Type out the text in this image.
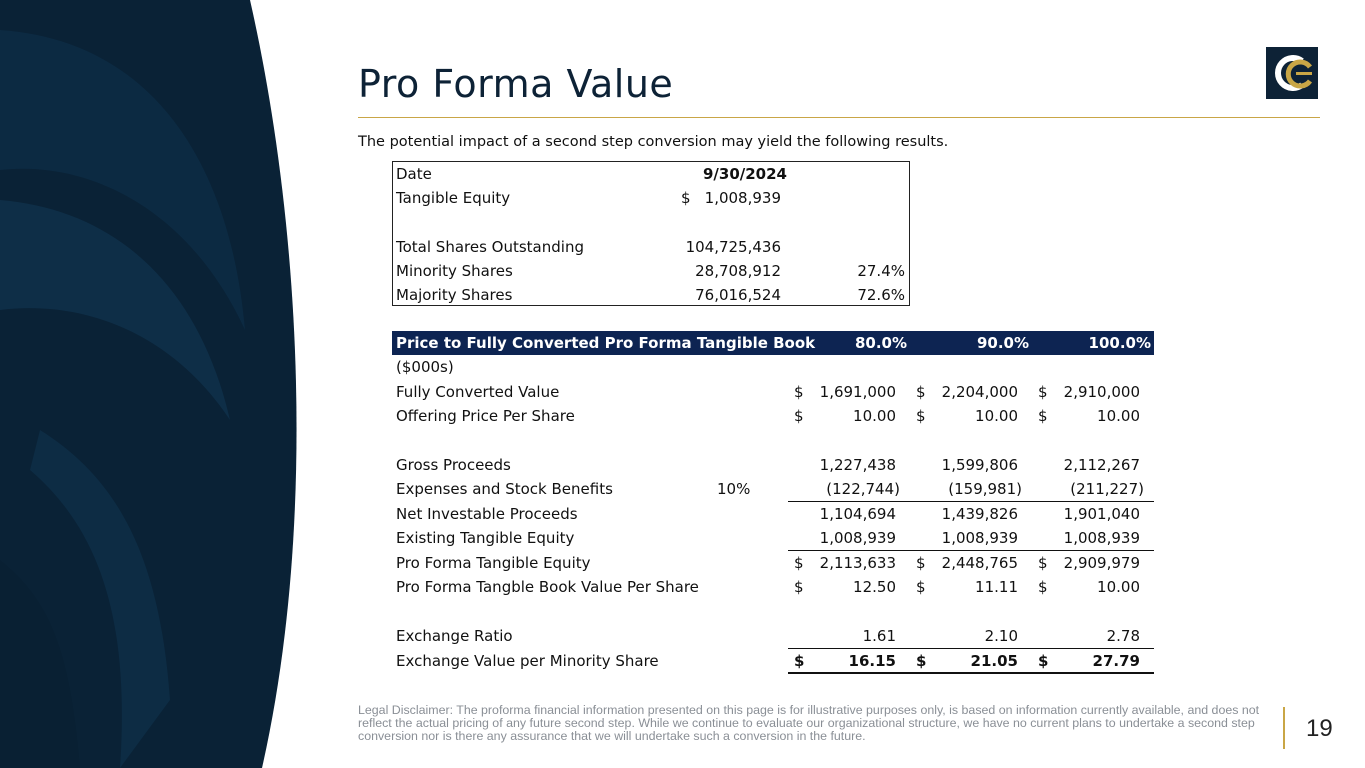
Pro Forma Value
The potential impact of a second step conversion may yield the following results.
Date	9/30/2024
Tangible Equity	$ 1,008,939
Total Shares Outstanding	104,725,436
Minority Shares	28,708,912	27.4%
Majority Shares	76,016,524	72.6%
Price to Fully Converted Pro Forma Tangible Book	80.0%	90.0%	100.0%
($000s)
Fully Converted Value	$ 1,691,000 $ 2,204,000 $ 2,910,000
Offering Price Per Share	$	10.00 $	10.00 $	10.00
Gross Proceeds	1,227,438	1,599,806	2,112,267
Expenses and Stock Benefits	10%	(122,744)	(159,981)	(211,227)
Net Investable Proceeds	1,104,694	1,439,826	1,901,040
Existing Tangible Equity	1,008,939	1,008,939	1,008,939
Pro Forma Tangible Equity	$ 2,113,633 $ 2,448,765 $ 2,909,979
Pro Forma Tangble Book Value Per Share	$	12.50 $	11.11 $	10.00
Exchange Ratio	1.61	2.10	2.78
Exchange Value per Minority Share	$	16.15 $	21.05 $	27.79
Legal Disclaimer: The proforma financial information presented on this page is for illustrative purposes only, is based on information currently available, and does not reflect the actual pricing of any future second step. While we continue to evaluate our organizational structure, we have no current plans to undertake a second step conversion nor is there any assurance that we will undertake such a conversion in the future.	19
